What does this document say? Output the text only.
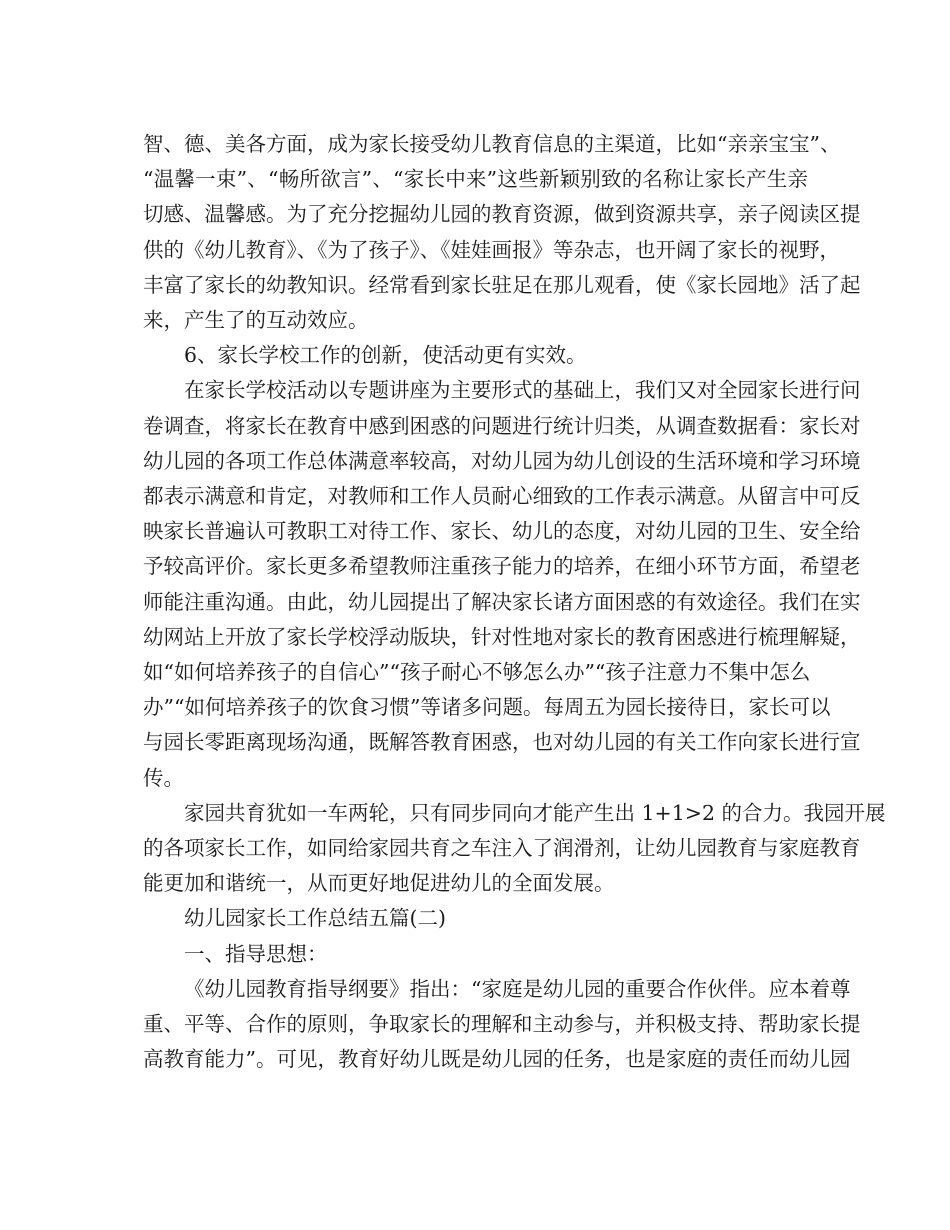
智、德、美各方面，成为家长接受幼儿教育信息的主渠道，比如“亲亲宝宝”、
“温馨一束”、“畅所欲言”、“家长中来”这些新颖别致的名称让家长产生亲
切感、温馨感。为了充分挖掘幼儿园的教育资源，做到资源共享，亲子阅读区提
供的《幼儿教育》、《为了孩子》、《娃娃画报》等杂志，也开阔了家长的视野，
丰富了家长的幼教知识。经常看到家长驻足在那儿观看，使《家长园地》活了起
来，产生了的互动效应。
6、家长学校工作的创新，使活动更有实效。
在家长学校活动以专题讲座为主要形式的基础上，我们又对全园家长进行问
卷调查，将家长在教育中感到困惑的问题进行统计归类，从调查数据看：家长对
幼儿园的各项工作总体满意率较高，对幼儿园为幼儿创设的生活环境和学习环境
都表示满意和肯定，对教师和工作人员耐心细致的工作表示满意。从留言中可反
映家长普遍认可教职工对待工作、家长、幼儿的态度，对幼儿园的卫生、安全给
予较高评价。家长更多希望教师注重孩子能力的培养，在细小环节方面，希望老
师能注重沟通。由此，幼儿园提出了解决家长诸方面困惑的有效途径。我们在实
幼网站上开放了家长学校浮动版块，针对性地对家长的教育困惑进行梳理解疑，
如“如何培养孩子的自信心”“孩子耐心不够怎么办”“孩子注意力不集中怎么
办”“如何培养孩子的饮食习惯”等诸多问题。每周五为园长接待日，家长可以
与园长零距离现场沟通，既解答教育困惑，也对幼儿园的有关工作向家长进行宣
传。
家园共育犹如一车两轮，只有同步同向才能产生出 1+1>2 的合力。我园开展
的各项家长工作，如同给家园共育之车注入了润滑剂，让幼儿园教育与家庭教育
能更加和谐统一，从而更好地促进幼儿的全面发展。
幼儿园家长工作总结五篇(二)
一、指导思想：
《幼儿园教育指导纲要》指出：“家庭是幼儿园的重要合作伙伴。应本着尊
重、平等、合作的原则，争取家长的理解和主动参与，并积极支持、帮助家长提
高教育能力”。可见，教育好幼儿既是幼儿园的任务，也是家庭的责任而幼儿园
